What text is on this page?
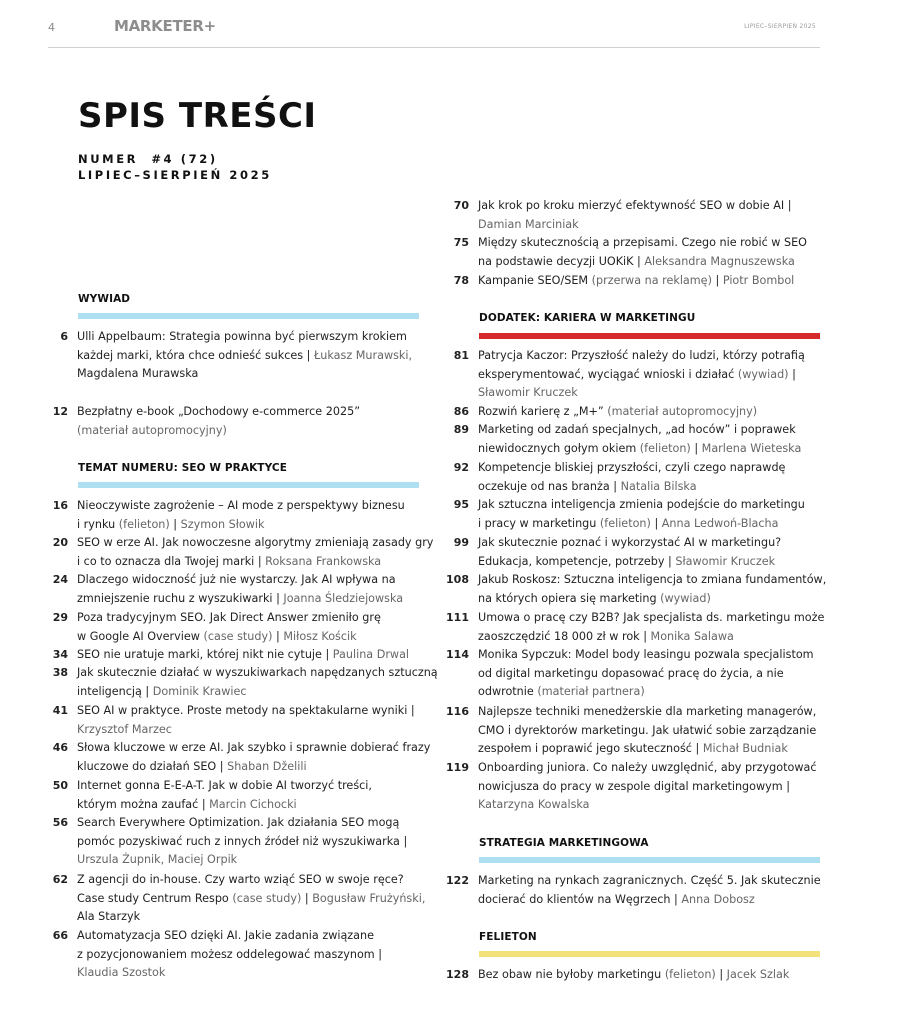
4	MARKETER+	LIPIEC–SIERPIEŃ 2025
SPIS TREŚCI
NUMER  #4 (72)
LIPIEC–SIERPIEŃ 2025
WYWIAD
6 Ulli Appelbaum: Strategia powinna być pierwszym krokiem
każdej marki, która chce odnieść sukces | Łukasz Murawski,
Magdalena Murawska
12 Bezpłatny e-book „Dochodowy e-commerce 2025”
(materiał autopromocyjny)
TEMAT NUMERU: SEO W PRAKTYCE
16 Nieoczywiste zagrożenie – AI mode z perspektywy biznesu
i rynku (felieton) | Szymon Słowik
20 SEO w erze AI. Jak nowoczesne algorytmy zmieniają zasady gry
i co to oznacza dla Twojej marki | Roksana Frankowska
24 Dlaczego widoczność już nie wystarczy. Jak AI wpływa na
zmniejszenie ruchu z wyszukiwarki | Joanna Śledziejowska
29 Poza tradycyjnym SEO. Jak Direct Answer zmieniło grę
w Google AI Overview (case study) | Miłosz Kościk
34 SEO nie uratuje marki, której nikt nie cytuje | Paulina Drwal
38 Jak skutecznie działać w wyszukiwarkach napędzanych sztuczną
inteligencją | Dominik Krawiec
41 SEO AI w praktyce. Proste metody na spektakularne wyniki |
Krzysztof Marzec
46 Słowa kluczowe w erze AI. Jak szybko i sprawnie dobierać frazy
kluczowe do działań SEO | Shaban Dželili
50 Internet gonna E-E-A-T. Jak w dobie AI tworzyć treści,
którym można zaufać | Marcin Cichocki
56 Search Everywhere Optimization. Jak działania SEO mogą
pomóc pozyskiwać ruch z innych źródeł niż wyszukiwarka |
Urszula Żupnik, Maciej Orpik
62 Z agencji do in-house. Czy warto wziąć SEO w swoje ręce?
Case study Centrum Respo (case study) | Bogusław Frużyński,
Ala Starzyk
66 Automatyzacja SEO dzięki AI. Jakie zadania związane
z pozycjonowaniem możesz oddelegować maszynom |
Klaudia Szostok
70 Jak krok po kroku mierzyć efektywność SEO w dobie AI |
Damian Marciniak
75 Między skutecznością a przepisami. Czego nie robić w SEO
na podstawie decyzji UOKiK | Aleksandra Magnuszewska
78 Kampanie SEO/SEM (przerwa na reklamę) | Piotr Bombol
DODATEK: KARIERA W MARKETINGU
81 Patrycja Kaczor: Przyszłość należy do ludzi, którzy potrafią
eksperymentować, wyciągać wnioski i działać (wywiad) |
Sławomir Kruczek
86 Rozwiń karierę z „M+” (materiał autopromocyjny)
89 Marketing od zadań specjalnych, „ad hoców” i poprawek
niewidocznych gołym okiem (felieton) | Marlena Wieteska
92 Kompetencje bliskiej przyszłości, czyli czego naprawdę
oczekuje od nas branża | Natalia Bilska
95 Jak sztuczna inteligencja zmienia podejście do marketingu
i pracy w marketingu (felieton) | Anna Ledwoń-Blacha
99 Jak skutecznie poznać i wykorzystać AI w marketingu?
Edukacja, kompetencje, potrzeby | Sławomir Kruczek
108 Jakub Roskosz: Sztuczna inteligencja to zmiana fundamentów,
na których opiera się marketing (wywiad)
111 Umowa o pracę czy B2B? Jak specjalista ds. marketingu może
zaoszczędzić 18 000 zł w rok | Monika Salawa
114 Monika Sypczuk: Model body leasingu pozwala specjalistom
od digital marketingu dopasować pracę do życia, a nie
odwrotnie (materiał partnera)
116 Najlepsze techniki menedżerskie dla marketing managerów,
CMO i dyrektorów marketingu. Jak ułatwić sobie zarządzanie
zespołem i poprawić jego skuteczność | Michał Budniak
119 Onboarding juniora. Co należy uwzględnić, aby przygotować
nowicjusza do pracy w zespole digital marketingowym |
Katarzyna Kowalska
STRATEGIA MARKETINGOWA
122 Marketing na rynkach zagranicznych. Część 5. Jak skutecznie
docierać do klientów na Węgrzech | Anna Dobosz
FELIETON
128 Bez obaw nie byłoby marketingu (felieton) | Jacek Szlak
